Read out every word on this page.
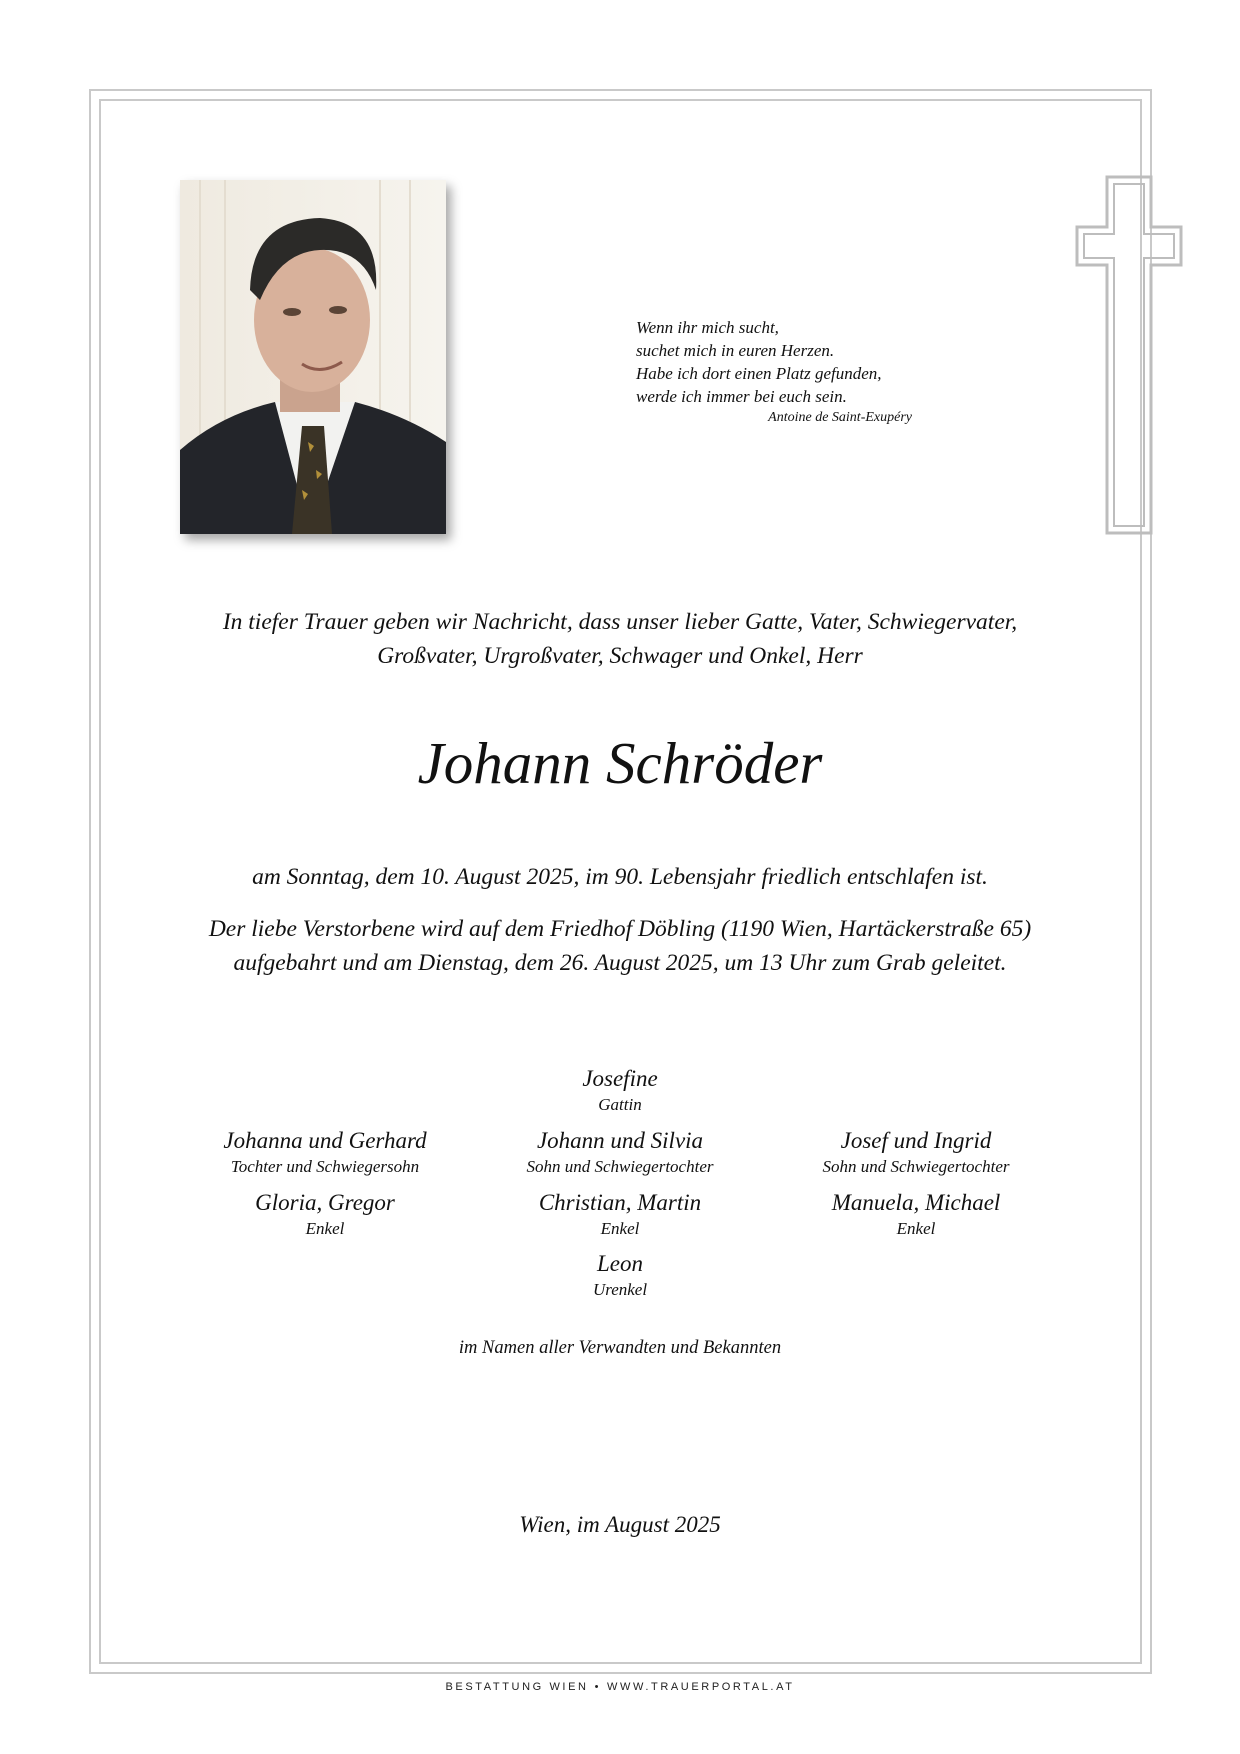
Wenn ihr mich sucht,
suchet mich in euren Herzen.
Habe ich dort einen Platz gefunden,
werde ich immer bei euch sein.
Antoine de Saint-Exupéry
In tiefer Trauer geben wir Nachricht, dass unser lieber Gatte, Vater, Schwiegervater,
Großvater, Urgroßvater, Schwager und Onkel, Herr
Johann Schröder
am Sonntag, dem 10. August 2025, im 90. Lebensjahr friedlich entschlafen ist.
Der liebe Verstorbene wird auf dem Friedhof Döbling (1190 Wien, Hartäckerstraße 65)
aufgebahrt und am Dienstag, dem 26. August 2025, um 13 Uhr zum Grab geleitet.
Josefine
Gattin
Johanna und Gerhard
Tochter und Schwiegersohn
Johann und Silvia
Sohn und Schwiegertochter
Josef und Ingrid
Sohn und Schwiegertochter
Gloria, Gregor
Enkel
Christian, Martin
Enkel
Manuela, Michael
Enkel
Leon
Urenkel
im Namen aller Verwandten und Bekannten
Wien, im August 2025
BESTATTUNG WIEN • WWW.TRAUERPORTAL.AT
